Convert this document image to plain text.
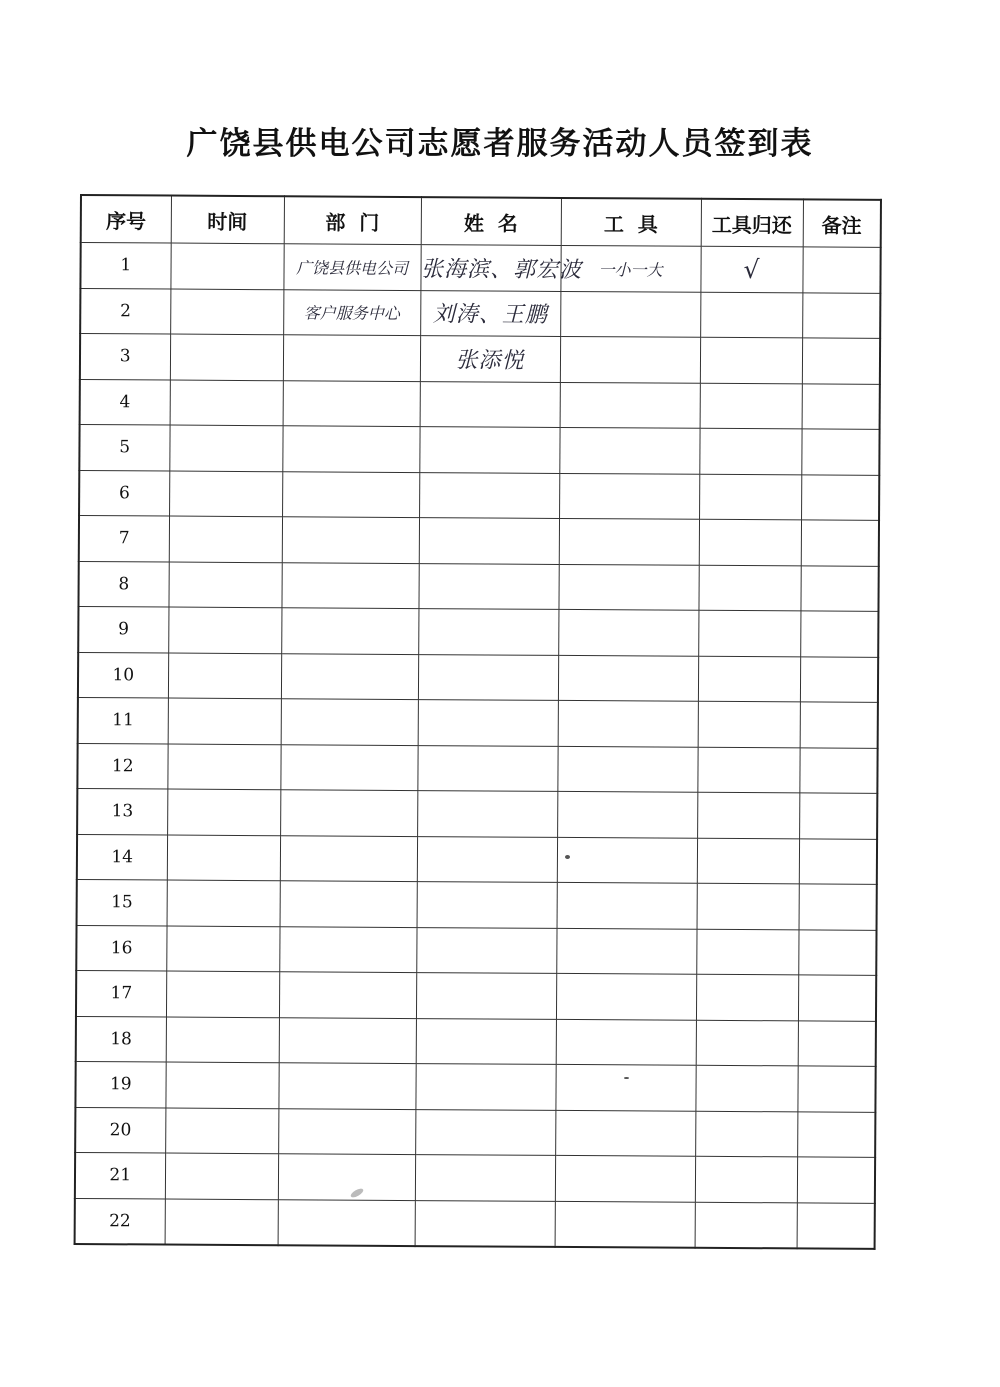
广饶县供电公司志愿者服务活动人员签到表
序号	时间	部  门	姓  名	工  具	工具归还	备注
1		广饶县供电公司	张海滨、郭宏波	一小一大	√	
2		客户服务中心	刘涛、王鹏			
3			张添悦			
4						
5						
6						
7						
8						
9						
10						
11						
12						
13						
14						
15						
16						
17						
18						
19						
20						
21						
22						
